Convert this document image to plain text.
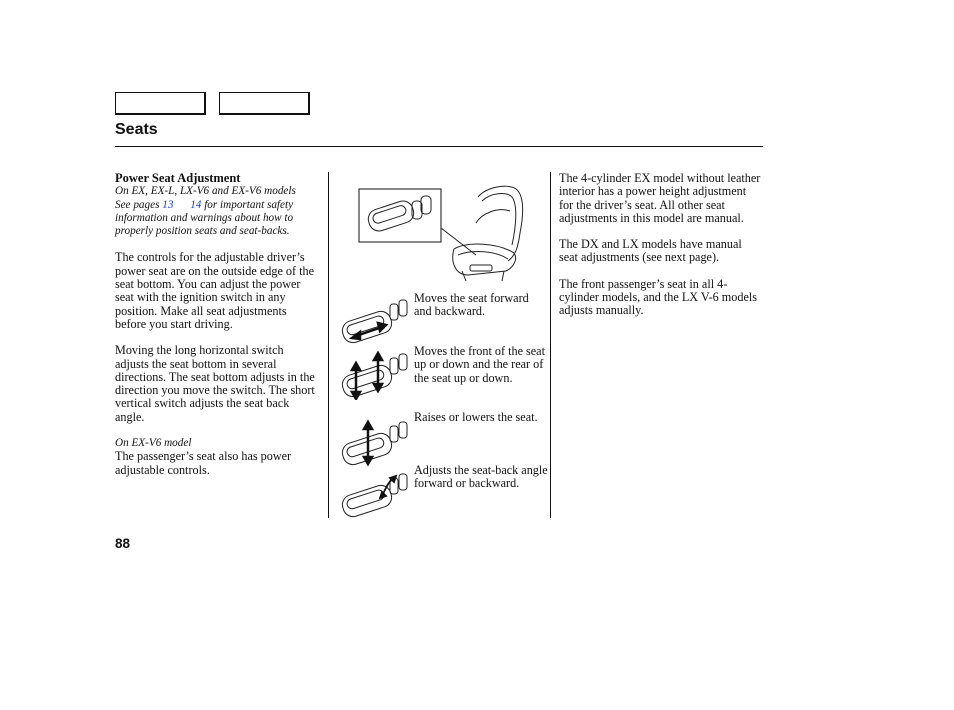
Seats

Power Seat Adjustment

On EX, EX-L, LX-V6 and EX-V6 models

See pages 13 14 for important safety information and warnings about how to properly position seats and seat-backs.

The controls for the adjustable driver’s power seat are on the outside edge of the seat bottom. You can adjust the power seat with the ignition switch in any position. Make all seat adjustments before you start driving.

Moving the long horizontal switch adjusts the seat bottom in several directions. The seat bottom adjusts in the direction you move the switch. The short vertical switch adjusts the seat back angle.

On EX-V6 model

The passenger’s seat also has power adjustable controls.

Moves the seat forward and backward.
Moves the front of the seat up or down and the rear of the seat up or down.
Raises or lowers the seat.
Adjusts the seat-back angle forward or backward.

The 4-cylinder EX model without leather interior has a power height adjustment for the driver’s seat. All other seat adjustments in this model are manual.

The DX and LX models have manual seat adjustments (see next page).

The front passenger’s seat in all 4-cylinder models, and the LX V-6 models adjusts manually.

88
